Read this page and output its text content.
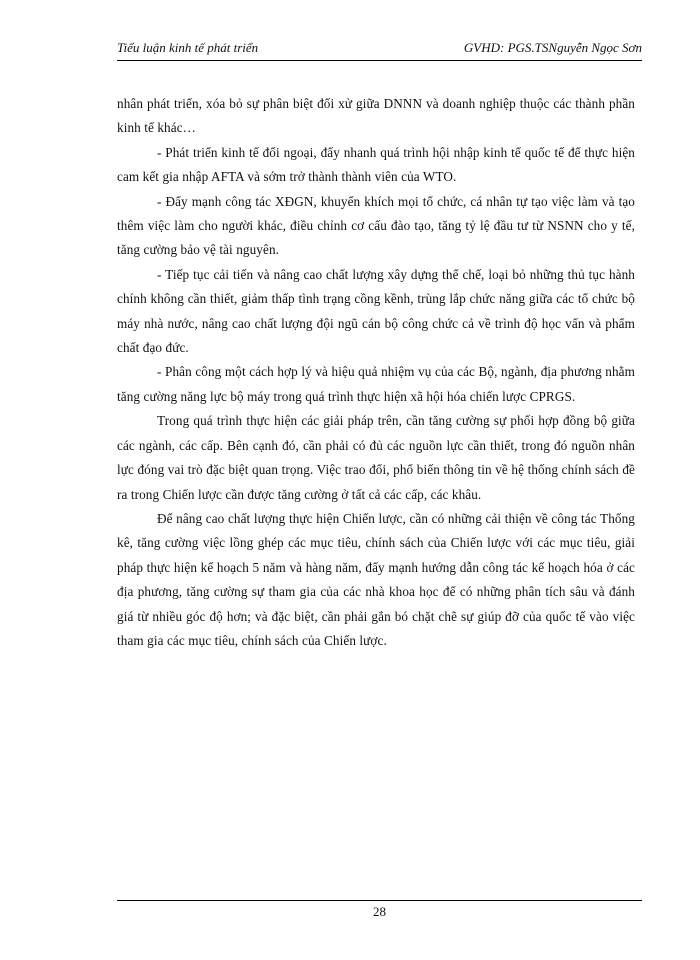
Tiểu luận kinh tế phát triển	GVHD: PGS.TSNguyễn Ngọc Sơn

nhân phát triển, xóa bỏ sự phân biệt đối xử giữa DNNN và doanh nghiệp thuộc các thành phần kinh tế khác…

- Phát triển kinh tế đối ngoại, đẩy nhanh quá trình hội nhập kinh tế quốc tế để thực hiện cam kết gia nhập AFTA và sớm trở thành thành viên của WTO.

- Đẩy mạnh công tác XĐGN, khuyến khích mọi tổ chức, cá nhân tự tạo việc làm và tạo thêm việc làm cho người khác, điều chỉnh cơ cấu đào tạo, tăng tỷ lệ đầu tư từ NSNN cho y tế, tăng cường bảo vệ tài nguyên.

- Tiếp tục cải tiến và nâng cao chất lượng xây dựng thể chế, loại bỏ những thủ tục hành chính không cần thiết, giảm thấp tình trạng cồng kềnh, trùng lắp chức năng giữa các tổ chức bộ máy nhà nước, nâng cao chất lượng đội ngũ cán bộ công chức cả về trình độ học vấn và phẩm chất đạo đức.

- Phân công một cách hợp lý và hiệu quả nhiệm vụ của các Bộ, ngành, địa phương nhằm tăng cường năng lực bộ máy trong quá trình thực hiện xã hội hóa chiến lược CPRGS.

Trong quá trình thực hiện các giải pháp trên, cần tăng cường sự phối hợp đồng bộ giữa các ngành, các cấp. Bên cạnh đó, cần phải có đủ các nguồn lực cần thiết, trong đó nguồn nhân lực đóng vai trò đặc biệt quan trọng. Việc trao đổi, phổ biến thông tin về hệ thống chính sách đề ra trong Chiến lược cần được tăng cường ở tất cả các cấp, các khâu.

Để nâng cao chất lượng thực hiện Chiến lược, cần có những cải thiện về công tác Thống kê, tăng cường việc lồng ghép các mục tiêu, chính sách của Chiến lược với các mục tiêu, giải pháp thực hiện kế hoạch 5 năm và hàng năm, đẩy mạnh hướng dẫn công tác kế hoạch hóa ở các địa phương, tăng cường sự tham gia của các nhà khoa học để có những phân tích sâu và đánh giá từ nhiều góc độ hơn; và đặc biệt, cần phải gắn bó chặt chẽ sự giúp đỡ của quốc tế vào việc tham gia các mục tiêu, chính sách của Chiến lược.

28
